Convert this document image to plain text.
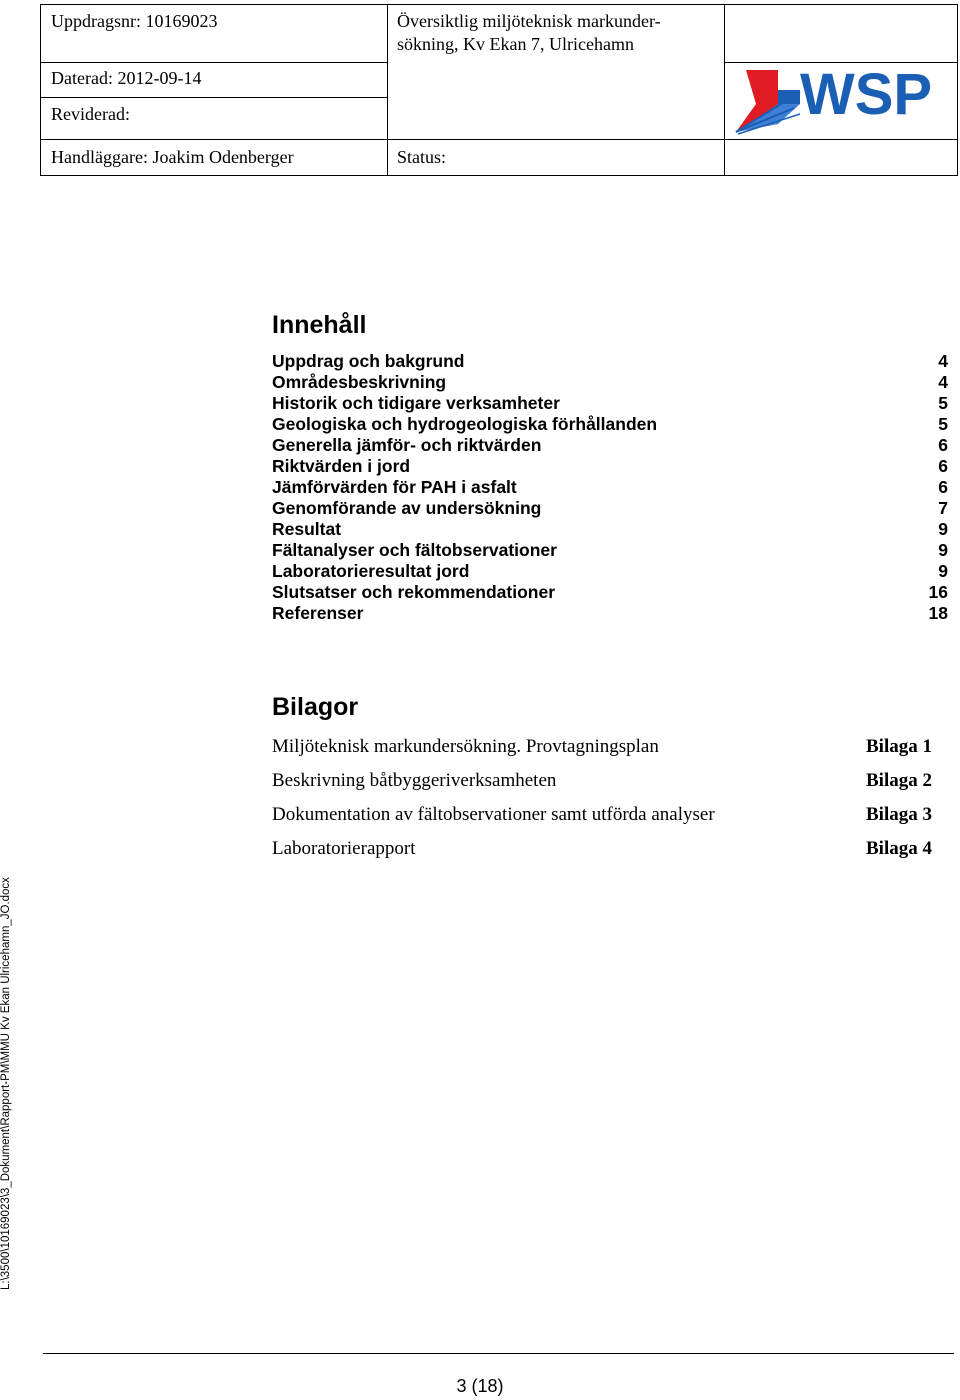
Uppdragsnr: 10169023	Översiktlig miljöteknisk markunder-
sökning, Kv Ekan 7, Ulricehamn
Daterad: 2012-09-14
Reviderad:
Handläggare: Joakim Odenberger	Status:
WSP
Innehåll
Uppdrag och bakgrund	4
Områdesbeskrivning	4
Historik och tidigare verksamheter	5
Geologiska och hydrogeologiska förhållanden	5
Generella jämför- och riktvärden	6
Riktvärden i jord	6
Jämförvärden för PAH i asfalt	6
Genomförande av undersökning	7
Resultat	9
Fältanalyser och fältobservationer	9
Laboratorieresultat jord	9
Slutsatser och rekommendationer	16
Referenser	18
Bilagor
Miljöteknisk markundersökning. Provtagningsplan	Bilaga 1
Beskrivning båtbyggeriverksamheten	Bilaga 2
Dokumentation av fältobservationer samt utförda analyser	Bilaga 3
Laboratorierapport	Bilaga 4
L:\3500\10169023\3_Dokument\Rapport-PM\MMU Kv Ekan Ulricehamn_JO.docx
3 (18)
